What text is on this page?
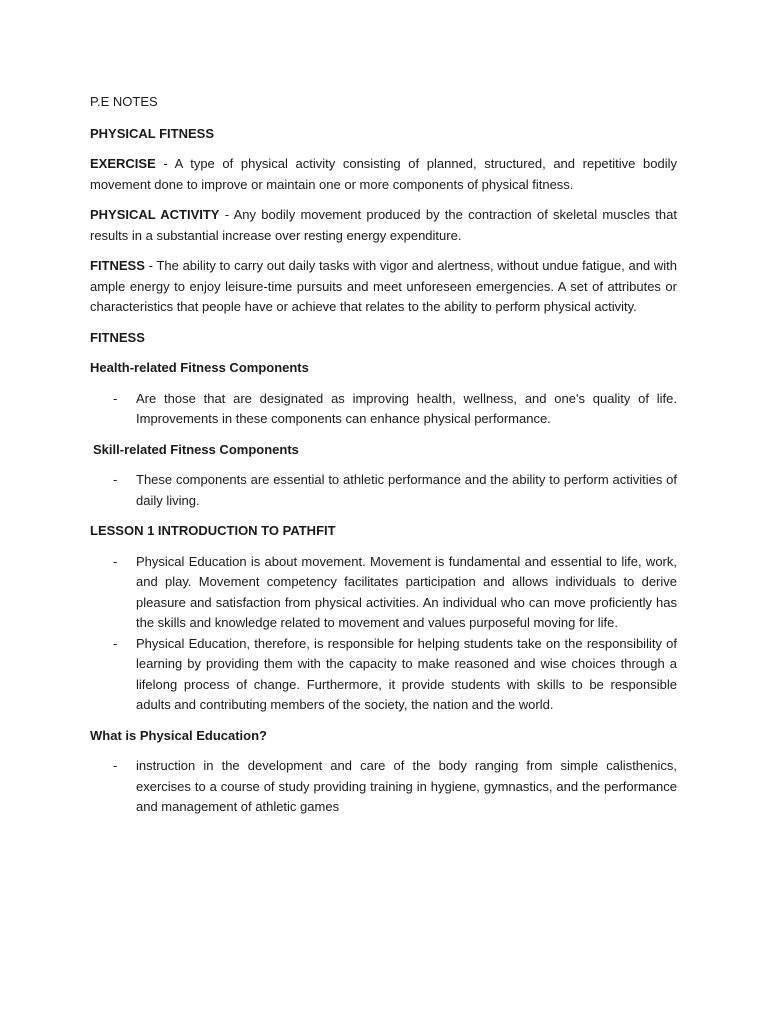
P.E NOTES

PHYSICAL FITNESS

EXERCISE - A type of physical activity consisting of planned, structured, and repetitive bodily movement done to improve or maintain one or more components of physical fitness.

PHYSICAL ACTIVITY - Any bodily movement produced by the contraction of skeletal muscles that results in a substantial increase over resting energy expenditure.

FITNESS - The ability to carry out daily tasks with vigor and alertness, without undue fatigue, and with ample energy to enjoy leisure-time pursuits and meet unforeseen emergencies. A set of attributes or characteristics that people have or achieve that relates to the ability to perform physical activity.

FITNESS

Health-related Fitness Components

- Are those that are designated as improving health, wellness, and one's quality of life. Improvements in these components can enhance physical performance.

Skill-related Fitness Components

- These components are essential to athletic performance and the ability to perform activities of daily living.

LESSON 1 INTRODUCTION TO PATHFIT

- Physical Education is about movement. Movement is fundamental and essential to life, work, and play. Movement competency facilitates participation and allows individuals to derive pleasure and satisfaction from physical activities. An individual who can move proficiently has the skills and knowledge related to movement and values purposeful moving for life.
- Physical Education, therefore, is responsible for helping students take on the responsibility of learning by providing them with the capacity to make reasoned and wise choices through a lifelong process of change. Furthermore, it provide students with skills to be responsible adults and contributing members of the society, the nation and the world.

What is Physical Education?

- instruction in the development and care of the body ranging from simple calisthenics, exercises to a course of study providing training in hygiene, gymnastics, and the performance and management of athletic games
